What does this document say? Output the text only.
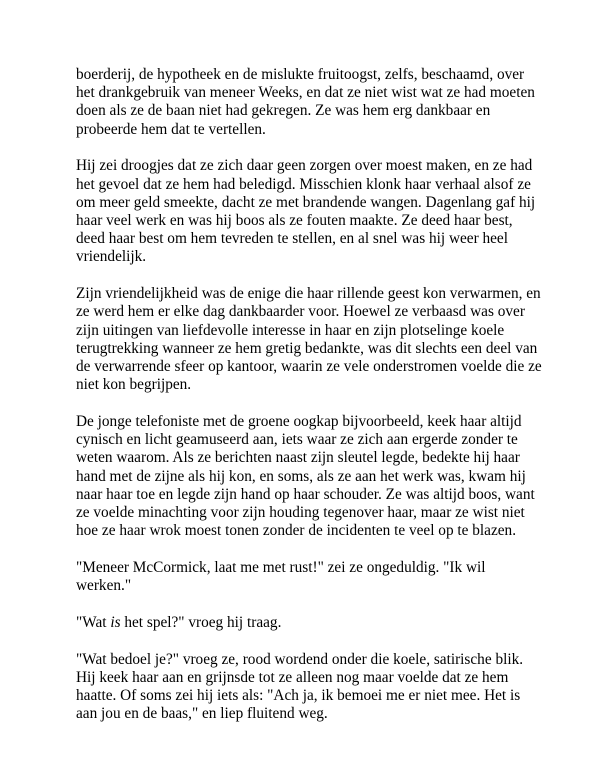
boerderij, de hypotheek en de mislukte fruitoogst, zelfs, beschaamd, over
het drankgebruik van meneer Weeks, en dat ze niet wist wat ze had moeten
doen als ze de baan niet had gekregen. Ze was hem erg dankbaar en
probeerde hem dat te vertellen.

Hij zei droogjes dat ze zich daar geen zorgen over moest maken, en ze had
het gevoel dat ze hem had beledigd. Misschien klonk haar verhaal alsof ze
om meer geld smeekte, dacht ze met brandende wangen. Dagenlang gaf hij
haar veel werk en was hij boos als ze fouten maakte. Ze deed haar best,
deed haar best om hem tevreden te stellen, en al snel was hij weer heel
vriendelijk.

Zijn vriendelijkheid was de enige die haar rillende geest kon verwarmen, en
ze werd hem er elke dag dankbaarder voor. Hoewel ze verbaasd was over
zijn uitingen van liefdevolle interesse in haar en zijn plotselinge koele
terugtrekking wanneer ze hem gretig bedankte, was dit slechts een deel van
de verwarrende sfeer op kantoor, waarin ze vele onderstromen voelde die ze
niet kon begrijpen.

De jonge telefoniste met de groene oogkap bijvoorbeeld, keek haar altijd
cynisch en licht geamuseerd aan, iets waar ze zich aan ergerde zonder te
weten waarom. Als ze berichten naast zijn sleutel legde, bedekte hij haar
hand met de zijne als hij kon, en soms, als ze aan het werk was, kwam hij
naar haar toe en legde zijn hand op haar schouder. Ze was altijd boos, want
ze voelde minachting voor zijn houding tegenover haar, maar ze wist niet
hoe ze haar wrok moest tonen zonder de incidenten te veel op te blazen.

"Meneer McCormick, laat me met rust!" zei ze ongeduldig. "Ik wil
werken."

"Wat is het spel?" vroeg hij traag.

"Wat bedoel je?" vroeg ze, rood wordend onder die koele, satirische blik.
Hij keek haar aan en grijnsde tot ze alleen nog maar voelde dat ze hem
haatte. Of soms zei hij iets als: "Ach ja, ik bemoei me er niet mee. Het is
aan jou en de baas," en liep fluitend weg.
